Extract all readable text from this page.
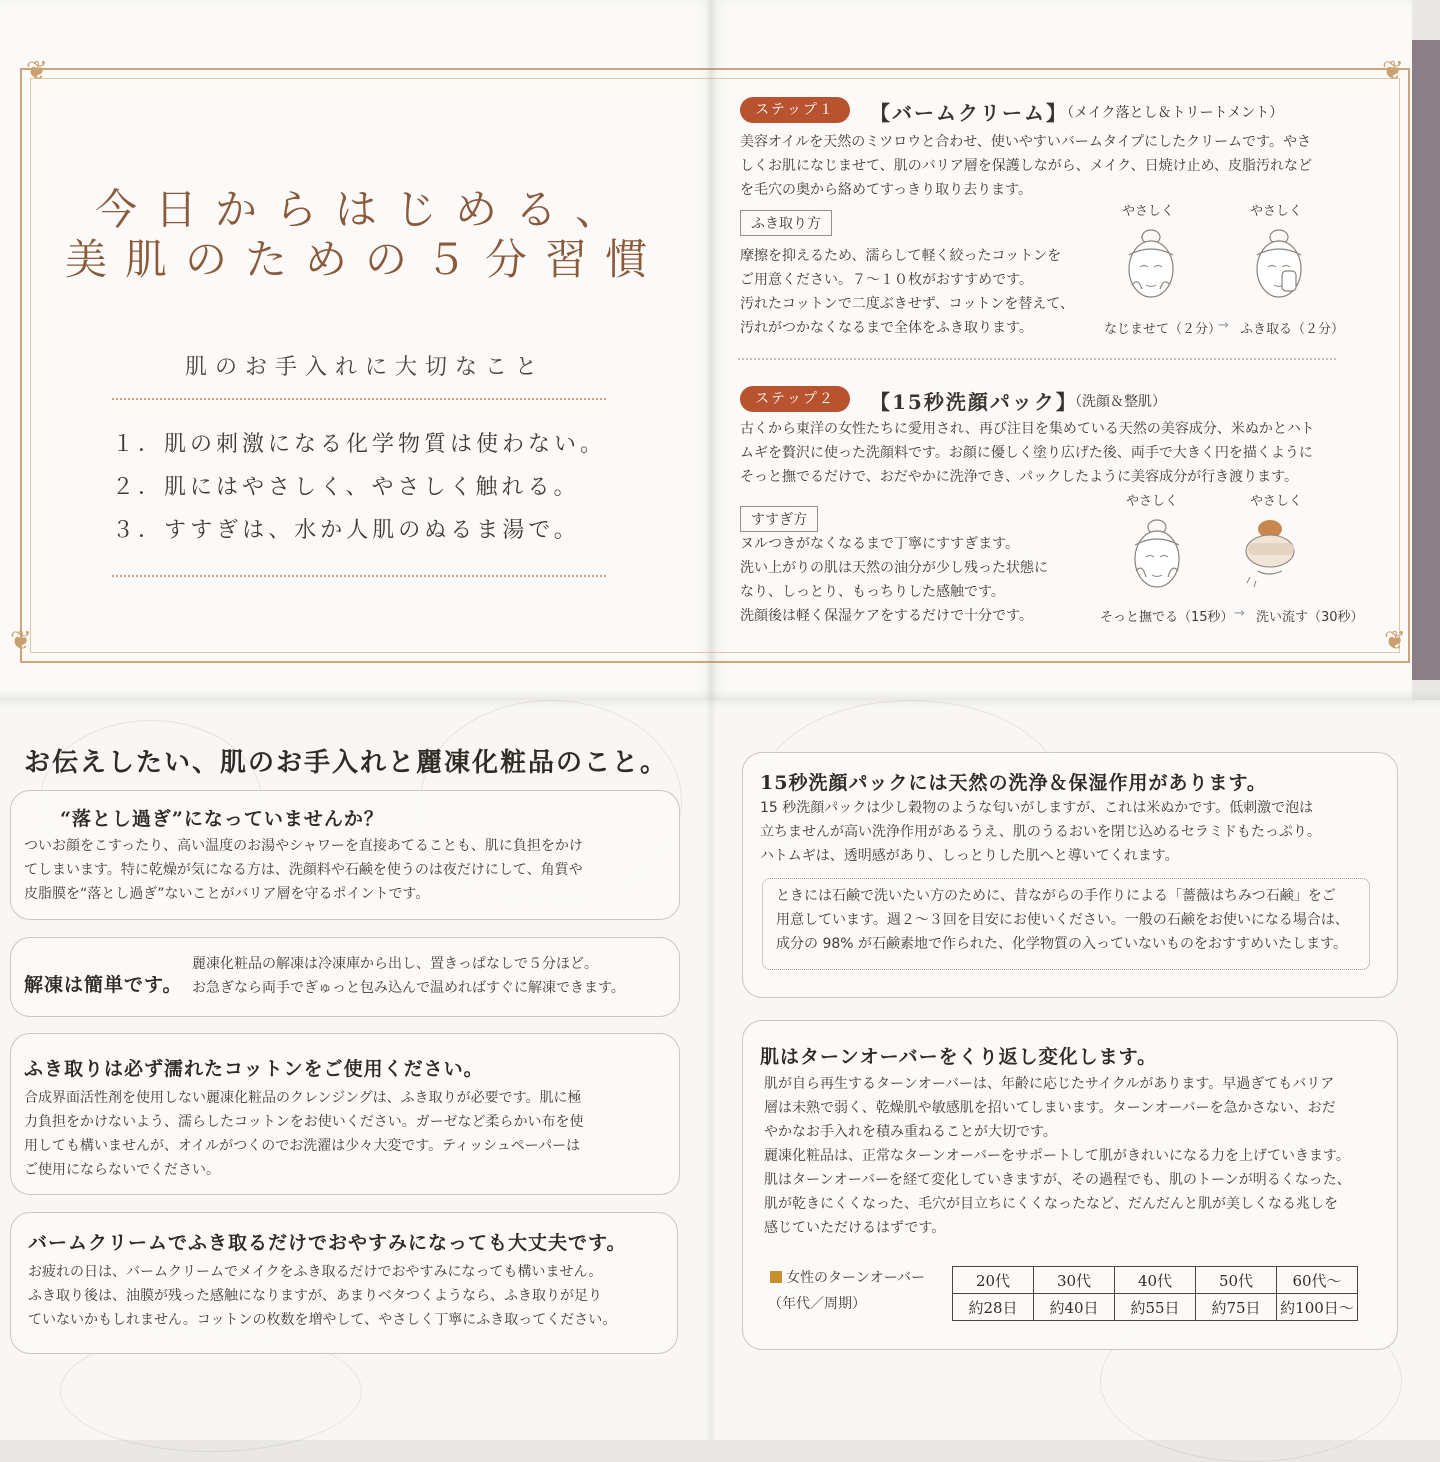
❦	❦
❦	❦
今日からはじめる、
美肌のための５分習慣
肌のお手入れに大切なこと
１．肌の刺激になる化学物質は使わない。
２．肌にはやさしく、やさしく触れる。
３．すすぎは、水か人肌のぬるま湯で。
ステップ１	【バームクリーム】
（メイク落とし＆トリートメント）
美容オイルを天然のミツロウと合わせ、使いやすいバームタイプにしたクリームです。やさ
しくお肌になじませて、肌のバリア層を保護しながら、メイク、日焼け止め、皮脂汚れなど
を毛穴の奥から絡めてすっきり取り去ります。
ふき取り方
摩擦を抑えるため、濡らして軽く絞ったコットンを
ご用意ください。７〜１０枚がおすすめです。
汚れたコットンで二度ぶきせず、コットンを替えて、
汚れがつかなくなるまで全体をふき取ります。
やさしく	やさしく
なじませて（２分）
→ ふき取る（２分）
ステップ２	【15秒洗顔パック】
（洗顔＆整肌）
古くから東洋の女性たちに愛用され、再び注目を集めている天然の美容成分、米ぬかとハト
ムギを贅沢に使った洗顔料です。お顔に優しく塗り広げた後、両手で大きく円を描くように
そっと撫でるだけで、おだやかに洗浄でき、パックしたように美容成分が行き渡ります。
すすぎ方
ヌルつきがなくなるまで丁寧にすすぎます。
洗い上がりの肌は天然の油分が少し残った状態に
なり、しっとり、もっちりした感触です。
洗顔後は軽く保湿ケアをするだけで十分です。
やさしく	やさしく
そっと撫でる（15秒） → 洗い流す（30秒）
お伝えしたい、肌のお手入れと麗凍化粧品のこと。
“落とし過ぎ”になっていませんか？
ついお顔をこすったり、高い温度のお湯やシャワーを直接あてることも、肌に負担をかけ
てしまいます。特に乾燥が気になる方は、洗顔料や石鹸を使うのは夜だけにして、角質や
皮脂膜を“落とし過ぎ”ないことがバリア層を守るポイントです。
解凍は簡単です。
麗凍化粧品の解凍は冷凍庫から出し、置きっぱなしで５分ほど。
お急ぎなら両手でぎゅっと包み込んで温めればすぐに解凍できます。
ふき取りは必ず濡れたコットンをご使用ください。
合成界面活性剤を使用しない麗凍化粧品のクレンジングは、ふき取りが必要です。肌に極
力負担をかけないよう、濡らしたコットンをお使いください。ガーゼなど柔らかい布を使
用しても構いませんが、オイルがつくのでお洗濯は少々大変です。ティッシュペーパーは
ご使用にならないでください。
バームクリームでふき取るだけでおやすみになっても大丈夫です。
お疲れの日は、バームクリームでメイクをふき取るだけでおやすみになっても構いません。
ふき取り後は、油膜が残った感触になりますが、あまりベタつくようなら、ふき取りが足り
ていないかもしれません。コットンの枚数を増やして、やさしく丁寧にふき取ってください。
15秒洗顔パックには天然の洗浄＆保湿作用があります。
15 秒洗顔パックは少し穀物のような匂いがしますが、これは米ぬかです。低刺激で泡は
立ちませんが高い洗浄作用があるうえ、肌のうるおいを閉じ込めるセラミドもたっぷり。
ハトムギは、透明感があり、しっとりした肌へと導いてくれます。
ときには石鹸で洗いたい方のために、昔ながらの手作りによる「薔薇はちみつ石鹸」をご
用意しています。週２〜３回を目安にお使いください。一般の石鹸をお使いになる場合は、
成分の 98% が石鹸素地で作られた、化学物質の入っていないものをおすすめいたします。
肌はターンオーバーをくり返し変化します。
肌が自ら再生するターンオーバーは、年齢に応じたサイクルがあります。早過ぎてもバリア
層は未熟で弱く、乾燥肌や敏感肌を招いてしまいます。ターンオーバーを急かさない、おだ
やかなお手入れを積み重ねることが大切です。
麗凍化粧品は、正常なターンオーバーをサポートして肌がきれいになる力を上げていきます。
肌はターンオーバーを経て変化していきますが、その過程でも、肌のトーンが明るくなった、
肌が乾きにくくなった、毛穴が目立ちにくくなったなど、だんだんと肌が美しくなる兆しを
感じていただけるはずです。
女性のターンオーバー
（年代／周期）
20代	30代	40代	50代	60代〜
約28日	約40日	約55日	約75日	約100日〜
